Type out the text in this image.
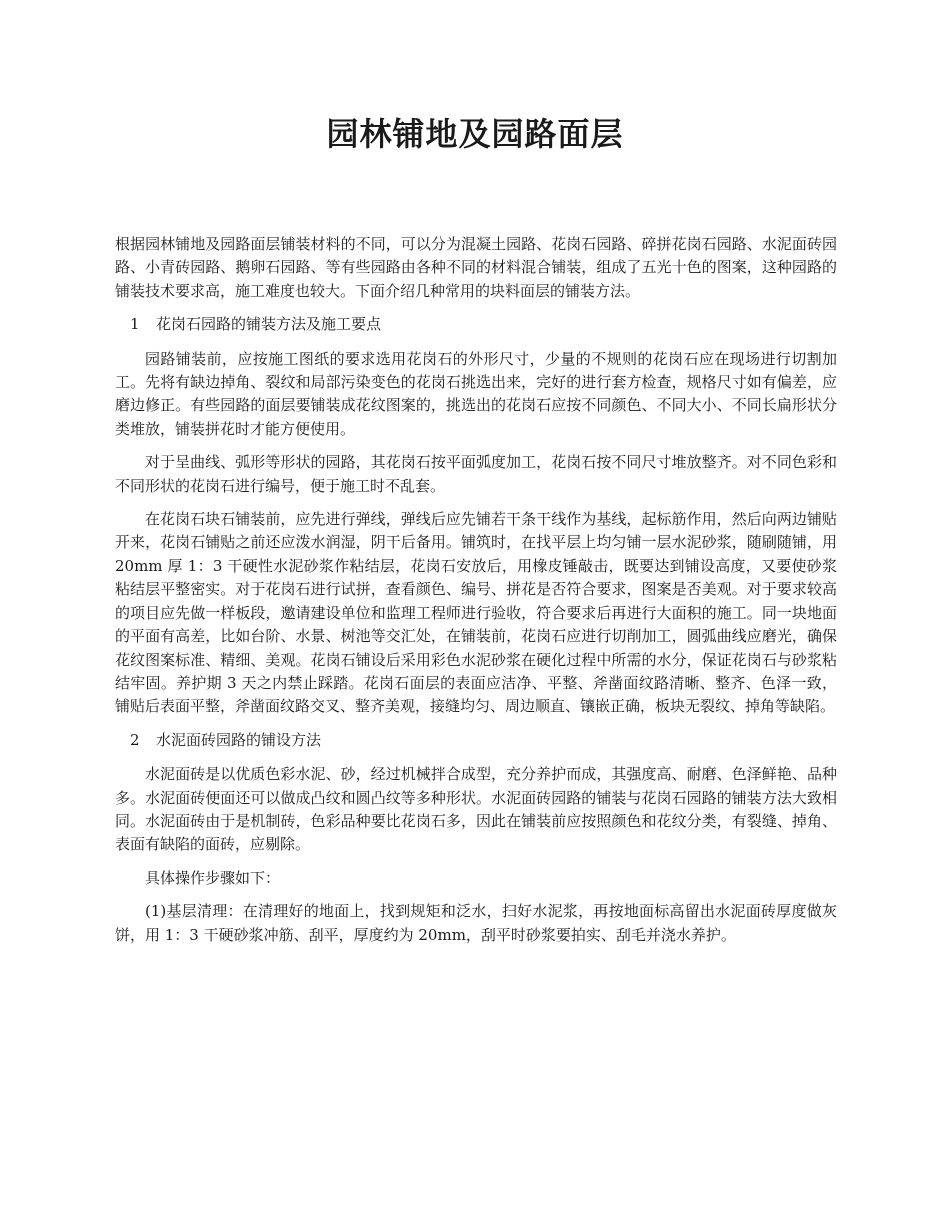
园林铺地及园路面层

根据园林铺地及园路面层铺装材料的不同，可以分为混凝土园路、花岗石园路、碎拼花岗石园路、水泥面砖园路、小青砖园路、鹅卵石园路、等有些园路由各种不同的材料混合铺装，组成了五光十色的图案，这种园路的铺装技术要求高，施工难度也较大。下面介绍几种常用的块料面层的铺装方法。

1 花岗石园路的铺装方法及施工要点

园路铺装前，应按施工图纸的要求选用花岗石的外形尺寸，少量的不规则的花岗石应在现场进行切割加工。先将有缺边掉角、裂纹和局部污染变色的花岗石挑选出来，完好的进行套方检查，规格尺寸如有偏差，应磨边修正。有些园路的面层要铺装成花纹图案的，挑选出的花岗石应按不同颜色、不同大小、不同长扁形状分类堆放，铺装拼花时才能方便使用。

对于呈曲线、弧形等形状的园路，其花岗石按平面弧度加工，花岗石按不同尺寸堆放整齐。对不同色彩和不同形状的花岗石进行编号，便于施工时不乱套。

在花岗石块石铺装前，应先进行弹线，弹线后应先铺若干条干线作为基线，起标筋作用，然后向两边铺贴开来，花岗石铺贴之前还应泼水润湿，阴干后备用。铺筑时，在找平层上均匀铺一层水泥砂浆，随刷随铺，用 20mm 厚 1：3 干硬性水泥砂浆作粘结层，花岗石安放后，用橡皮锤敲击，既要达到铺设高度，又要使砂浆粘结层平整密实。对于花岗石进行试拼，查看颜色、编号、拼花是否符合要求，图案是否美观。对于要求较高的项目应先做一样板段，邀请建设单位和监理工程师进行验收，符合要求后再进行大面积的施工。同一块地面的平面有高差，比如台阶、水景、树池等交汇处，在铺装前，花岗石应进行切削加工，圆弧曲线应磨光，确保花纹图案标准、精细、美观。花岗石铺设后采用彩色水泥砂浆在硬化过程中所需的水分，保证花岗石与砂浆粘结牢固。养护期 3 天之内禁止踩踏。花岗石面层的表面应洁净、平整、斧凿面纹路清晰、整齐、色泽一致，铺贴后表面平整，斧凿面纹路交叉、整齐美观，接缝均匀、周边顺直、镶嵌正确，板块无裂纹、掉角等缺陷。

2 水泥面砖园路的铺设方法

水泥面砖是以优质色彩水泥、砂，经过机械拌合成型，充分养护而成，其强度高、耐磨、色泽鲜艳、品种多。水泥面砖便面还可以做成凸纹和圆凸纹等多种形状。水泥面砖园路的铺装与花岗石园路的铺装方法大致相同。水泥面砖由于是机制砖，色彩品种要比花岗石多，因此在铺装前应按照颜色和花纹分类，有裂缝、掉角、表面有缺陷的面砖，应剔除。

具体操作步骤如下：

(1)基层清理：在清理好的地面上，找到规矩和泛水，扫好水泥浆，再按地面标高留出水泥面砖厚度做灰饼，用 1：3 干硬砂浆冲筋、刮平，厚度约为 20mm，刮平时砂浆要拍实、刮毛并浇水养护。
